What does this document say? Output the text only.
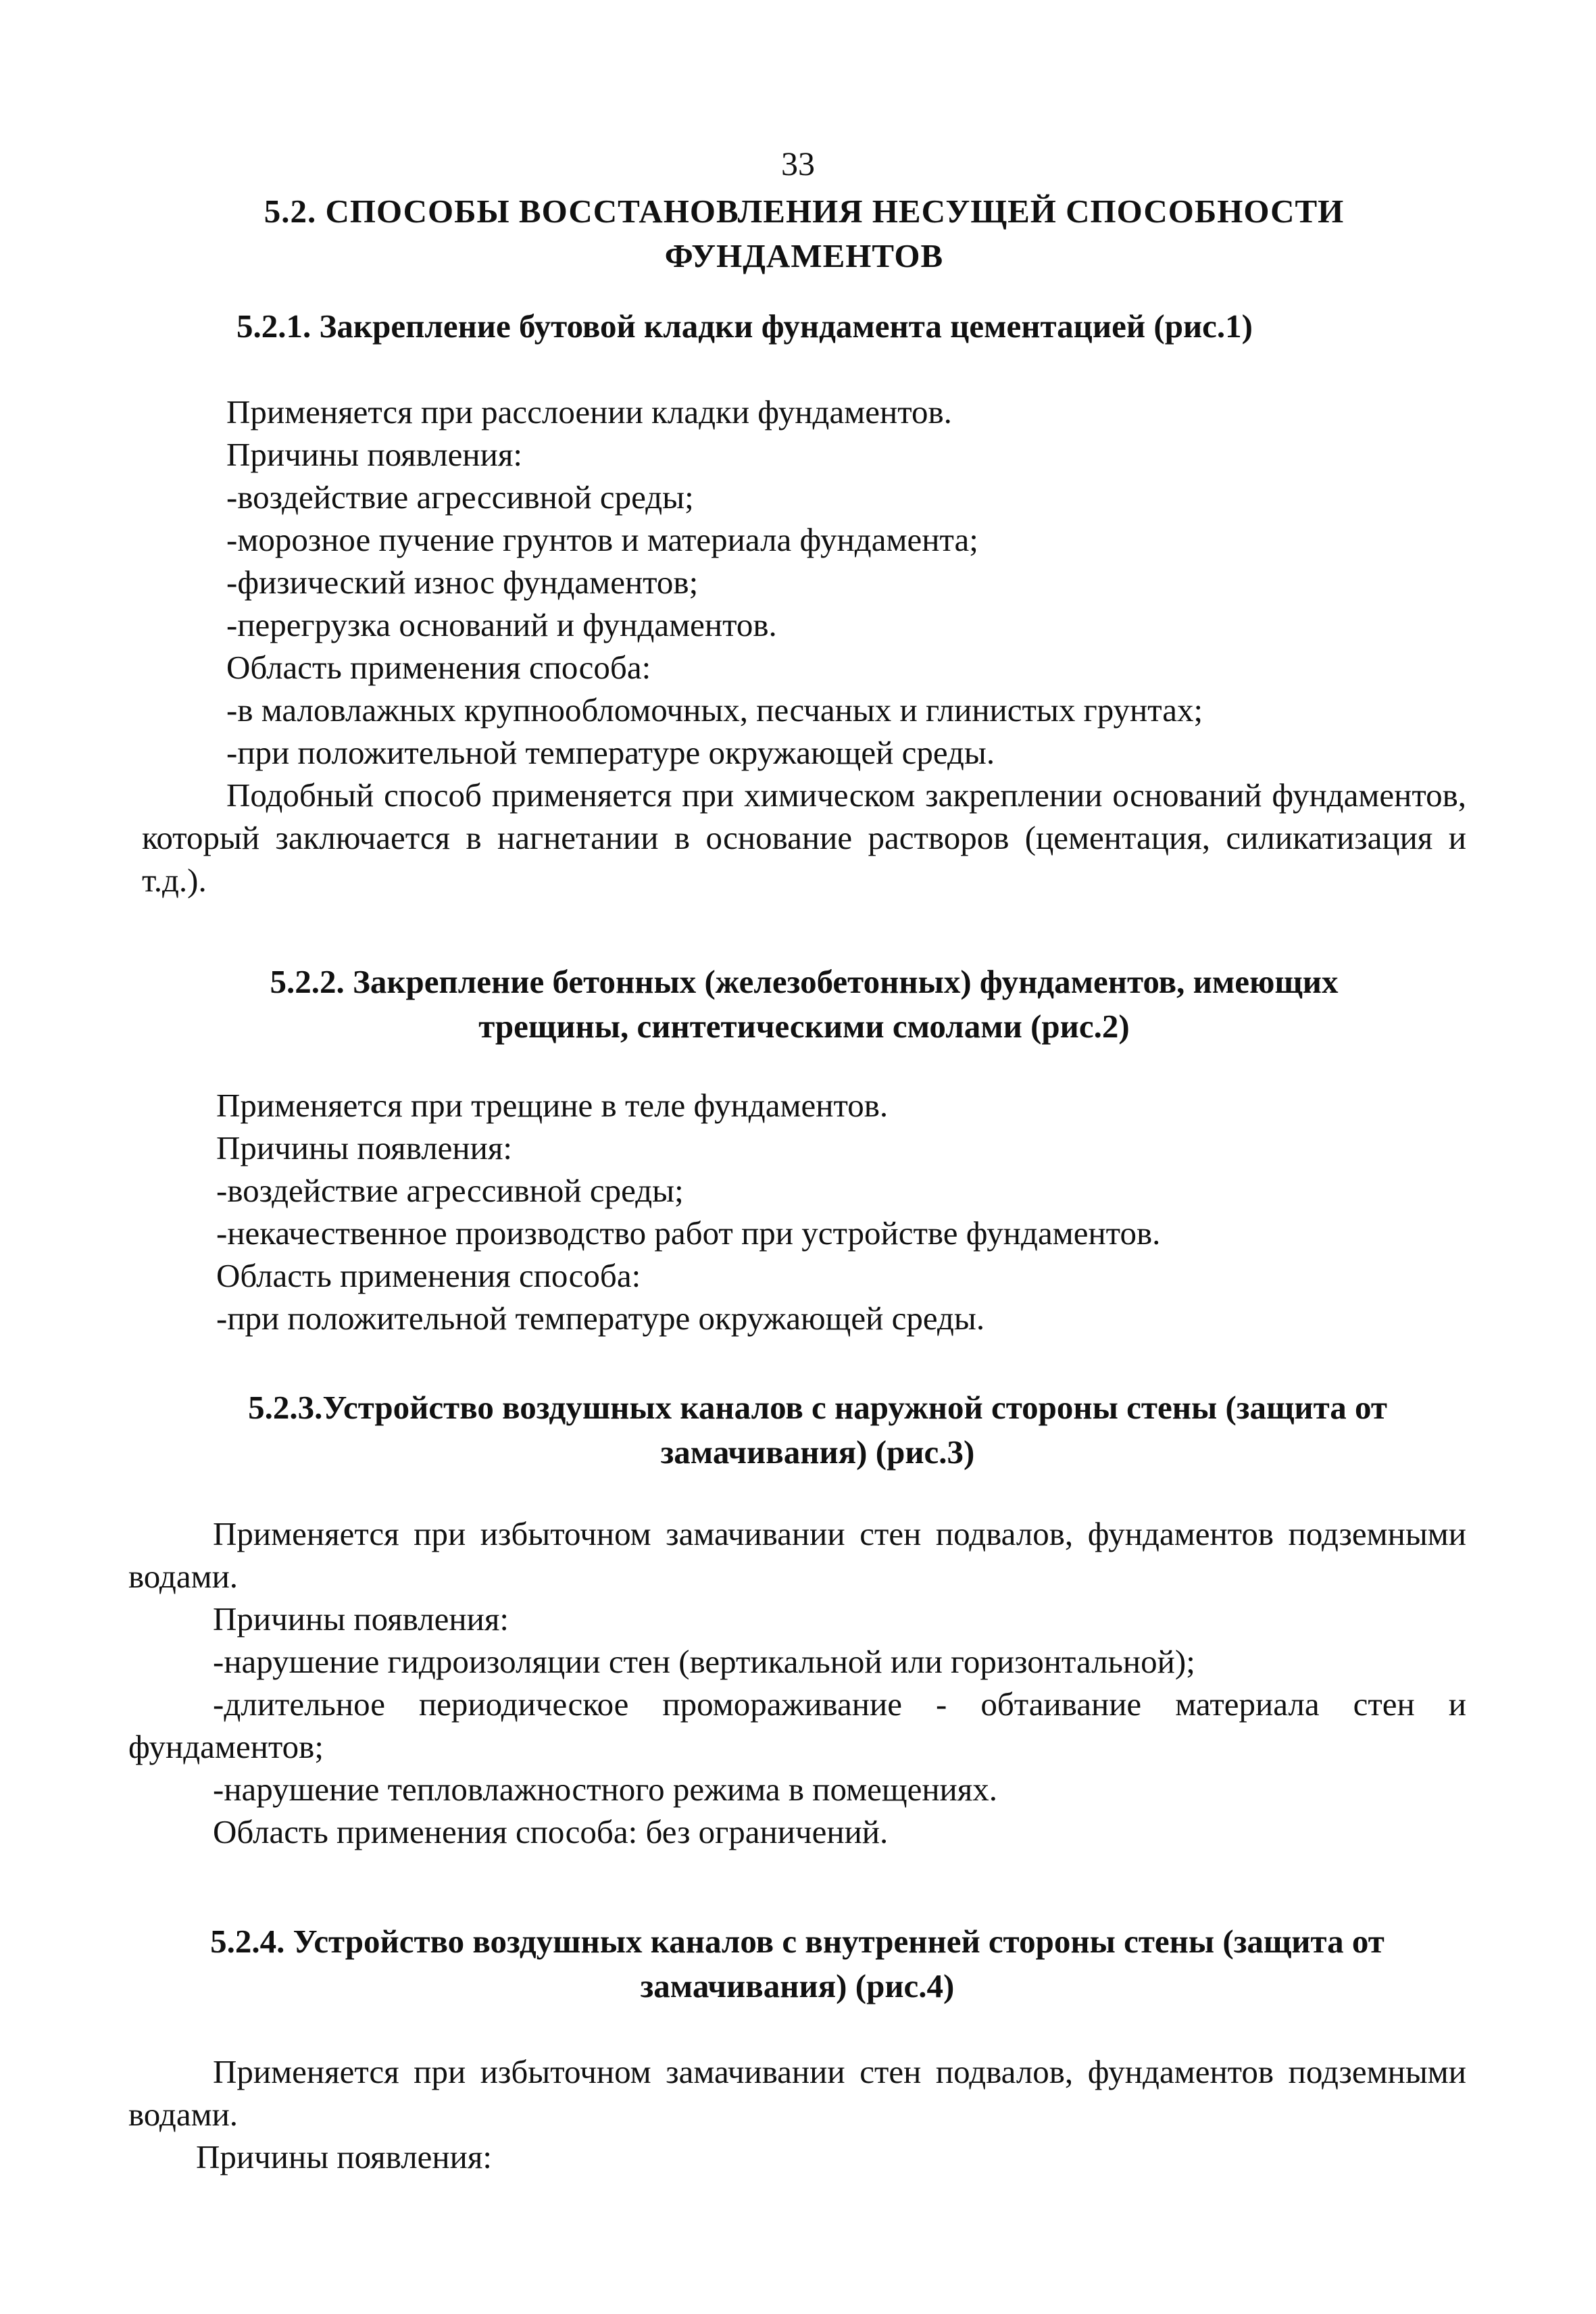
33
5.2. СПОСОБЫ ВОССТАНОВЛЕНИЯ НЕСУЩЕЙ СПОСОБНОСТИ ФУНДАМЕНТОВ

5.2.1. Закрепление бутовой кладки фундамента цементацией (рис.1)

Применяется при расслоении кладки фундаментов.

Причины появления:

-воздействие агрессивной среды;

-морозное пучение грунтов и материала фундамента;

-физический износ фундаментов;

-перегрузка оснований и фундаментов.

Область применения способа:

-в маловлажных крупнообломочных, песчаных и глинистых грунтах;

-при положительной температуре окружающей среды.

Подобный способ применяется при химическом закреплении оснований фундаментов, который заключается в нагнетании в основание растворов (цементация, силикатизация и т.д.).

5.2.2. Закрепление бетонных (железобетонных) фундаментов, имеющих трещины, синтетическими смолами (рис.2)

Применяется при трещине в теле фундаментов.

Причины появления:

-воздействие агрессивной среды;

-некачественное производство работ при устройстве фундаментов.

Область применения способа:

-при положительной температуре окружающей среды.

5.2.3.Устройство воздушных каналов с наружной стороны стены (защита от замачивания) (рис.3)

Применяется при избыточном замачивании стен подвалов, фундаментов подземными водами.

Причины появления:

-нарушение гидроизоляции стен (вертикальной или горизонтальной);

-длительное периодическое промораживание - обтаивание материала стен и фундаментов;

-нарушение тепловлажностного режима в помещениях.

Область применения способа: без ограничений.

5.2.4. Устройство воздушных каналов с внутренней стороны стены (защита от замачивания) (рис.4)

Применяется при избыточном замачивании стен подвалов, фундаментов подземными водами.

Причины появления:
